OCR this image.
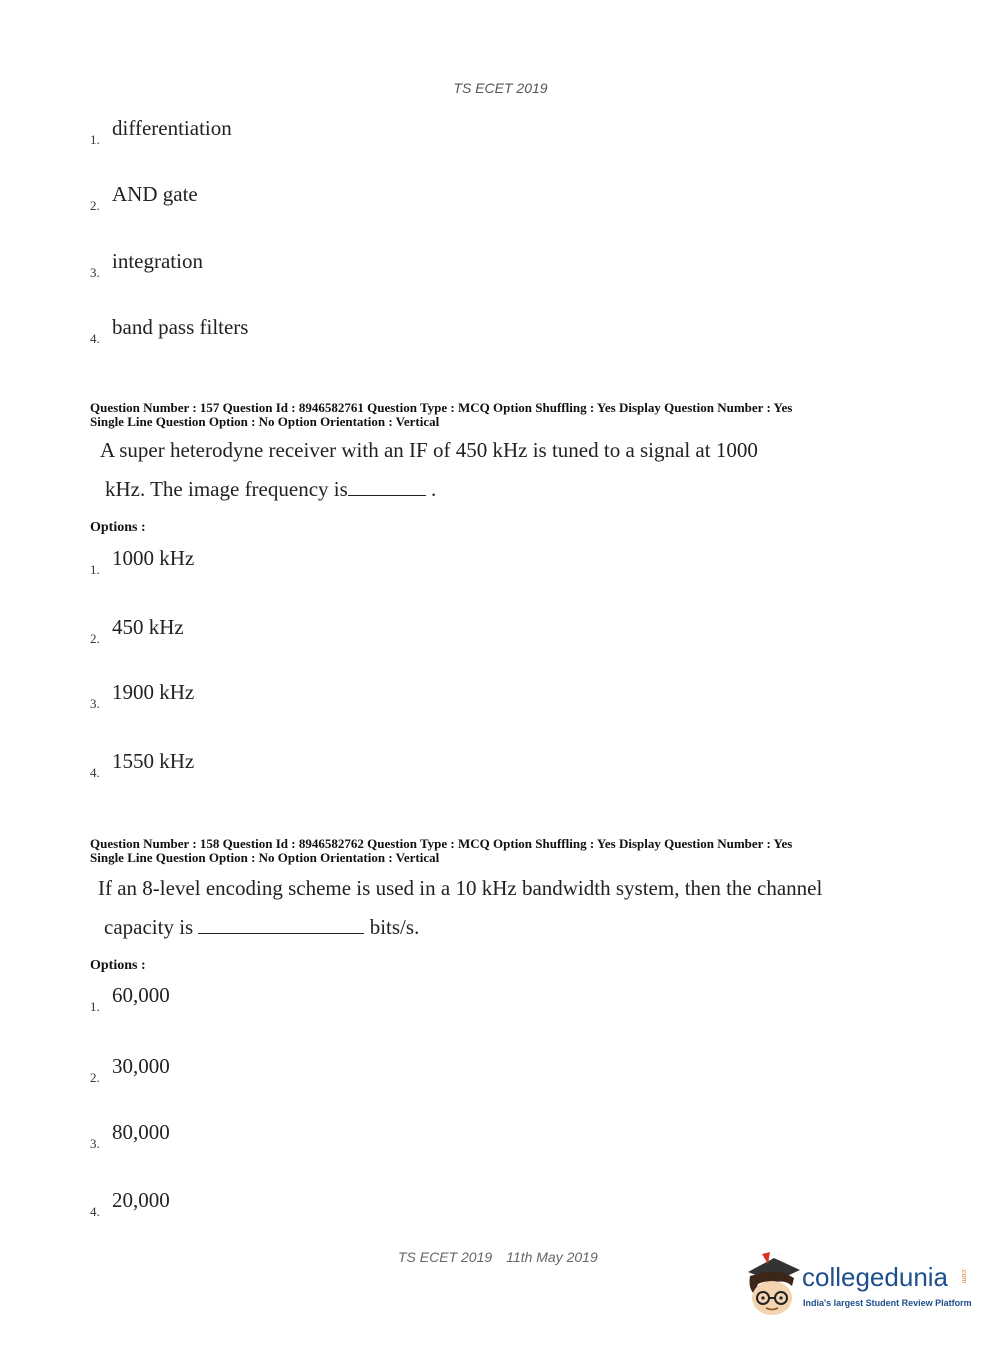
TS ECET 2019
1. differentiation
2. AND gate
3. integration
4. band pass filters
Question Number : 157 Question Id : 8946582761 Question Type : MCQ Option Shuffling : Yes Display Question Number : Yes
Single Line Question Option : No Option Orientation : Vertical
A super heterodyne receiver with an IF of 450 kHz is tuned to a signal at 1000
kHz. The image frequency is	.
Options :
1. 1000 kHz
2. 450 kHz
3. 1900 kHz
4. 1550 kHz
Question Number : 158 Question Id : 8946582762 Question Type : MCQ Option Shuffling : Yes Display Question Number : Yes
Single Line Question Option : No Option Orientation : Vertical
If an 8-level encoding scheme is used in a 10 kHz bandwidth system, then the channel
capacity is	bits/s.
Options :
1. 60,000
2. 30,000
3. 80,000
4. 20,000
TS ECET 2019 11th May 2019
collegedunia .com
India's largest Student Review Platform
